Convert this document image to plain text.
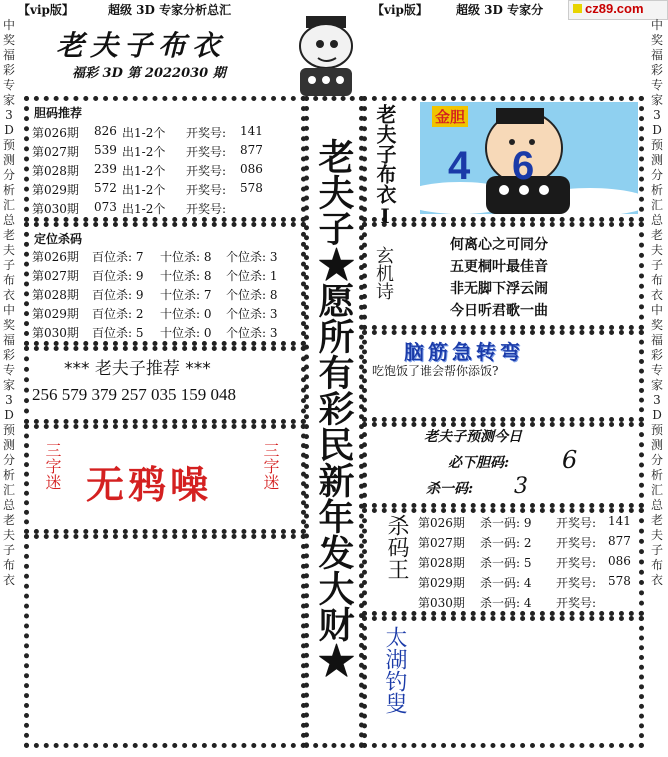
【vip版】	超级 3D 专家分析总汇	【vip版】 超级 3D 专家分	cz89.com
中奖福彩专家3D预测分析汇总老夫子布衣中奖福彩专家3D预测分析汇总老夫子布衣
中奖福彩专家3D预测分析汇总老夫子布衣中奖福彩专家3D预测分析汇总老夫子布衣
老夫子布衣
福彩 3D 第 2022030 期
胆码推荐
第026期 826 出1-2个 开奖号: 141
第027期 539 出1-2个 开奖号: 877
第028期 239 出1-2个 开奖号: 086
第029期 572 出1-2个 开奖号: 578
第030期 073 出1-2个 开奖号:
定位杀码
第026期 百位杀: 7 十位杀: 8 个位杀: 3
第027期 百位杀: 9 十位杀: 8 个位杀: 1
第028期 百位杀: 9 十位杀: 7 个位杀: 8
第029期 百位杀: 2 十位杀: 0 个位杀: 3
第030期 百位杀: 5 十位杀: 0 个位杀: 3
*** 老夫子推荐 ***
256 579 379 257 035 159 048
三字迷 无鸦噪	三字迷 老夫子★愿所有彩民新年发大财★ 老夫子布衣I	金胆
4 6
玄机诗
何离心之可同分
五更桐叶最佳音
非无脚下浮云闹
今日听君歌一曲
脑筋急转弯
吃饱饭了谁会帮你添饭?
老夫子预测今日
必下胆码: 6
杀一码: 3
杀码王 第026期 杀一码: 9 开奖号: 141
第027期 杀一码: 2 开奖号: 877
第028期 杀一码: 5 开奖号: 086
第029期 杀一码: 4 开奖号: 578
第030期 杀一码: 4 开奖号:
太湖钓叟
